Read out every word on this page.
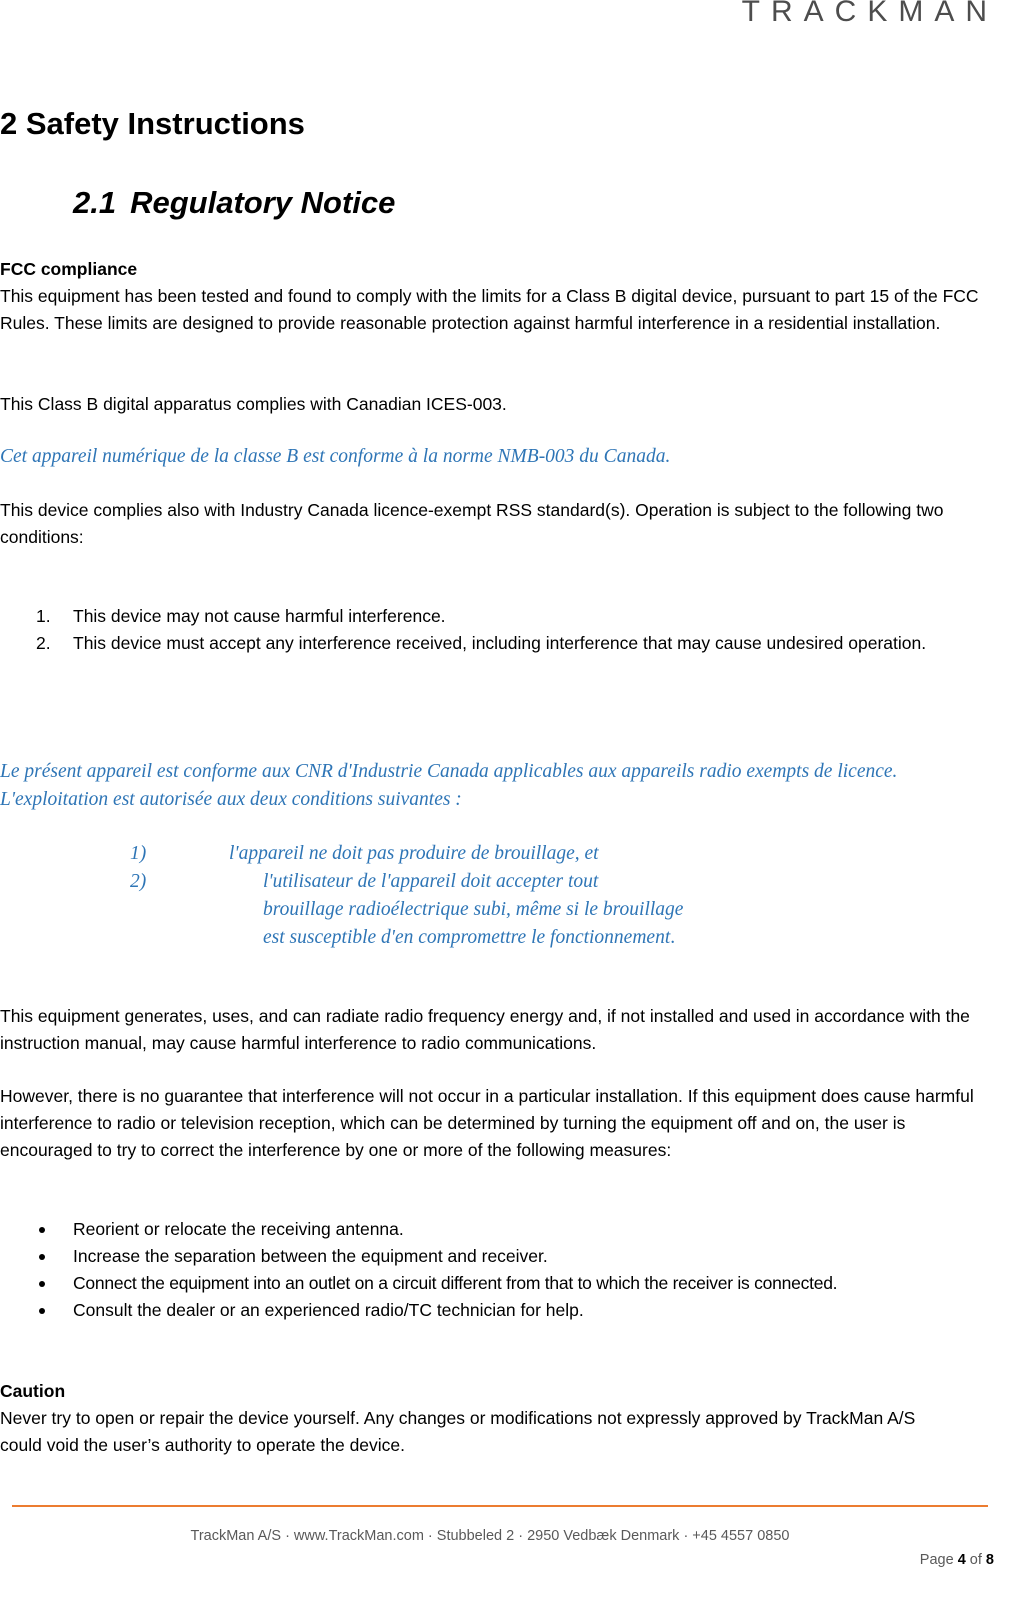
TRACKMAN
2 Safety Instructions
2.1 Regulatory Notice
FCC compliance
This equipment has been tested and found to comply with the limits for a Class B digital device, pursuant to part 15 of the FCC Rules. These limits are designed to provide reasonable protection against harmful interference in a residential installation.
This Class B digital apparatus complies with Canadian ICES-003.
Cet appareil numérique de la classe B est conforme à la norme NMB-003 du Canada.
This device complies also with Industry Canada licence-exempt RSS standard(s). Operation is subject to the following two conditions:
1. This device may not cause harmful interference.
2. This device must accept any interference received, including interference that may cause undesired operation.
Le présent appareil est conforme aux CNR d'Industrie Canada applicables aux appareils radio exempts de licence. L'exploitation est autorisée aux deux conditions suivantes :
1)	l'appareil ne doit pas produire de brouillage, et
2)	l'utilisateur de l'appareil doit accepter tout
brouillage radioélectrique subi, même si le brouillage
est susceptible d'en compromettre le fonctionnement.
This equipment generates, uses, and can radiate radio frequency energy and, if not installed and used in accordance with the instruction manual, may cause harmful interference to radio communications.
However, there is no guarantee that interference will not occur in a particular installation. If this equipment does cause harmful interference to radio or television reception, which can be determined by turning the equipment off and on, the user is encouraged to try to correct the interference by one or more of the following measures:
Reorient or relocate the receiving antenna.
Increase the separation between the equipment and receiver.
Connect the equipment into an outlet on a circuit different from that to which the receiver is connected.
Consult the dealer or an experienced radio/TC technician for help.
Caution
Never try to open or repair the device yourself. Any changes or modifications not expressly approved by TrackMan A/S could void the user’s authority to operate the device.
TrackMan A/S · www.TrackMan.com · Stubbeled 2 · 2950 Vedbæk Denmark · +45 4557 0850
Page 4 of 8
